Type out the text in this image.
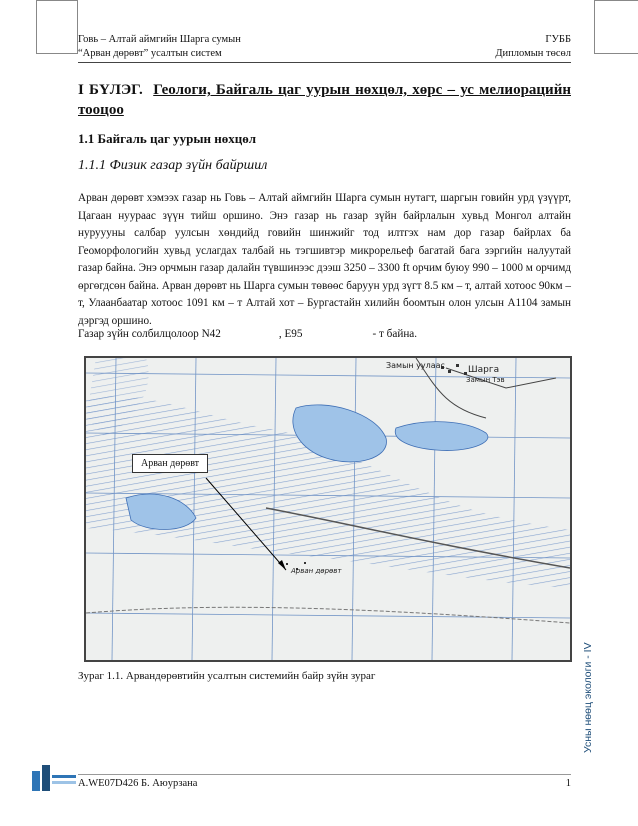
Говь – Алтай аймгийн Шарга сумын
“Арван дөрөвт” усалтын систем
ГУББ
Дипломын төсөл
I БҮЛЭГ. Геологи, Байгаль цаг уурын нөхцөл, хөрс – ус мелиорацийн тооцоо
1.1 Байгаль цаг уурын нөхцөл
1.1.1 Физик газар зүйн байршил
Арван дөрөвт хэмээх газар нь Говь – Алтай аймгийн Шарга сумын нутагт, шаргын говийн урд үзүүрт, Цагаан нуурaас зүүн тийш оршино. Энэ газар нь газар зүйн байрлалын хувьд Монгол алтайн нуруууны салбар уулсын хөндийд говийн шинжийг тод илтгэх нам дор газар байрлах ба Геоморфологийн хувьд услагдах талбай нь тэгшивтэр микрорельеф багатай бага зэргийн налуутай газар байна. Энэ орчмын газар далайн түвшинээс дээш 3250 – 3300 ft орчим буюу 990 – 1000 м орчимд өргөгдсөн байна. Арван дөрөвт нь Шарга сумын төвөөс баруун урд зүгт 8.5 км – т, алтай хотоос 90км – т, Улаанбаатар хотоос 1091 км – т Алтай хот – Бургастайн хилийн боомтын олон улсын A1104 замын дэргэд оршино.
Газар зүйн солбилцолоор N42	, E95	- т байна.
Замын уулаас	Шарга
Замын Тэв
Арван дөрөвт
Арван дөрөвт
Зураг 1.1. Арвандөрөвтийн усалтын системийн байр зүйн зураг	Усны нөөц экологи - IV
A.WE07D426 Б. Аюурзана	1
